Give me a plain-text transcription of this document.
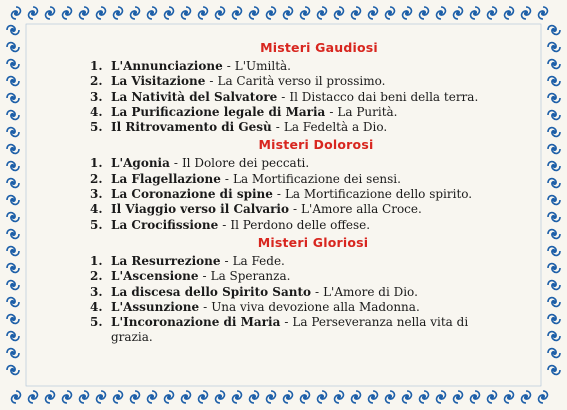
Misteri Gaudiosi
1. L'Annunciazione - L'Umiltà.
2. La Visitazione - La Carità verso il prossimo.
3. La Natività del Salvatore - Il Distacco dai beni della terra.
4. La Purificazione legale di Maria - La Purità.
5. Il Ritrovamento di Gesù - La Fedeltà a Dio.
Misteri Dolorosi
1. L'Agonia - Il Dolore dei peccati.
2. La Flagellazione - La Mortificazione dei sensi.
3. La Coronazione di spine - La Mortificazione dello spirito.
4. Il Viaggio verso il Calvario - L'Amore alla Croce.
5. La Crocifissione - Il Perdono delle offese.
Misteri Gloriosi
1. La Resurrezione - La Fede.
2. L'Ascensione - La Speranza.
3. La discesa dello Spirito Santo - L'Amore di Dio.
4. L'Assunzione - Una viva devozione alla Madonna.
5. L'Incoronazione di Maria - La Perseveranza nella vita di grazia.
